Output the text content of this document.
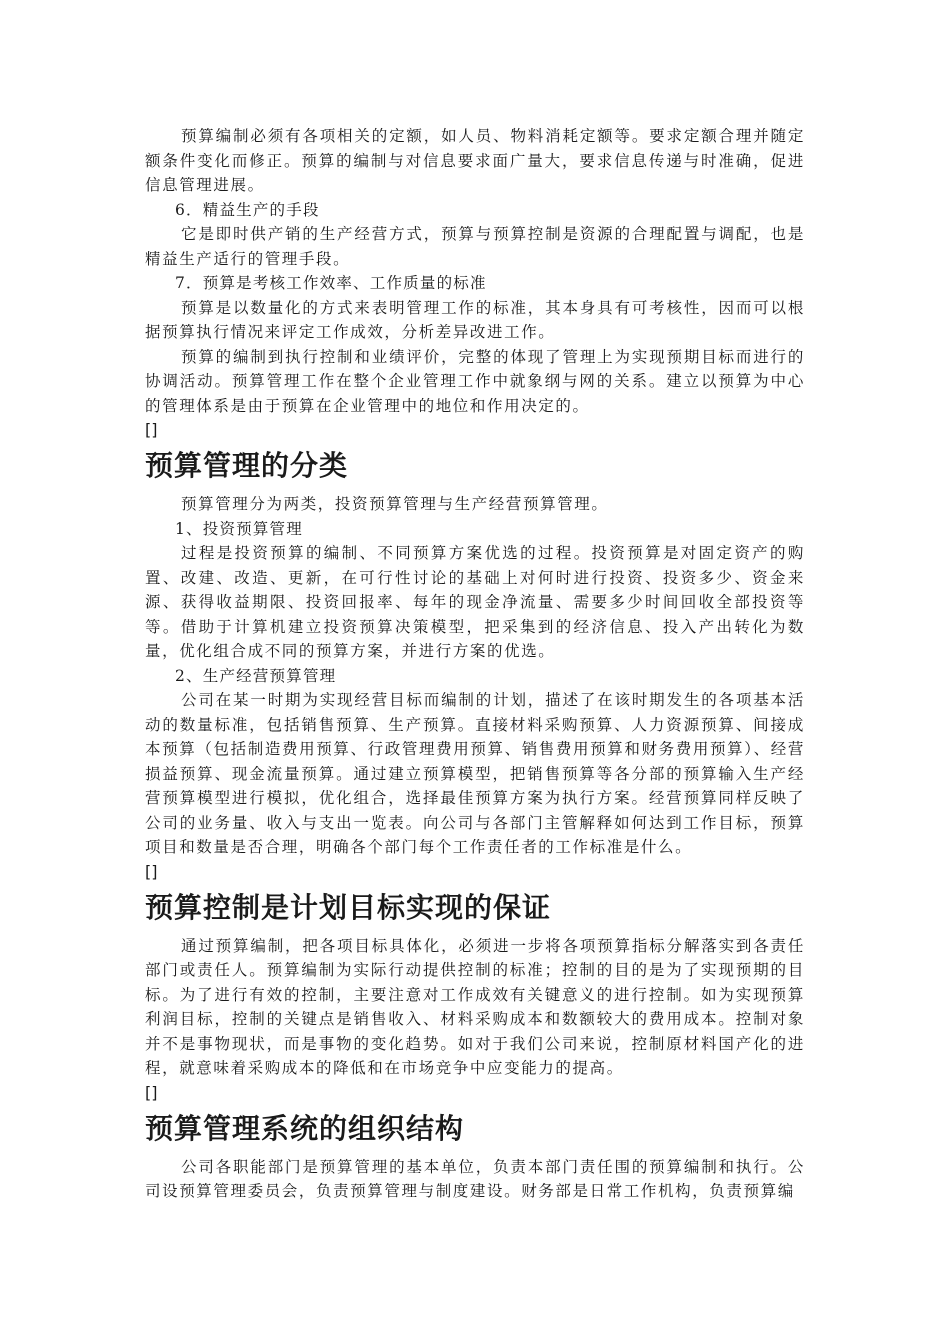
预算编制必须有各项相关的定额，如人员、物料消耗定额等。要求定额合理并随定额条件变化而修正。预算的编制与对信息要求面广量大，要求信息传递与时准确，促进信息管理进展。

6．精益生产的手段

它是即时供产销的生产经营方式，预算与预算控制是资源的合理配置与调配，也是精益生产适行的管理手段。

7．预算是考核工作效率、工作质量的标准

预算是以数量化的方式来表明管理工作的标准，其本身具有可考核性，因而可以根据预算执行情况来评定工作成效，分析差异改进工作。

预算的编制到执行控制和业绩评价，完整的体现了管理上为实现预期目标而进行的协调活动。预算管理工作在整个企业管理工作中就象纲与网的关系。建立以预算为中心的管理体系是由于预算在企业管理中的地位和作用决定的。

[]

预算管理的分类

预算管理分为两类，投资预算管理与生产经营预算管理。

1、投资预算管理

过程是投资预算的编制、不同预算方案优选的过程。投资预算是对固定资产的购置、改建、改造、更新，在可行性讨论的基础上对何时进行投资、投资多少、资金来源、获得收益期限、投资回报率、每年的现金净流量、需要多少时间回收全部投资等等。借助于计算机建立投资预算决策模型，把采集到的经济信息、投入产出转化为数量，优化组合成不同的预算方案，并进行方案的优选。

2、生产经营预算管理

公司在某一时期为实现经营目标而编制的计划，描述了在该时期发生的各项基本活动的数量标准，包括销售预算、生产预算。直接材料采购预算、人力资源预算、间接成本预算（包括制造费用预算、行政管理费用预算、销售费用预算和财务费用预算）、经营损益预算、现金流量预算。通过建立预算模型，把销售预算等各分部的预算输入生产经营预算模型进行模拟，优化组合，选择最佳预算方案为执行方案。经营预算同样反映了公司的业务量、收入与支出一览表。向公司与各部门主管解释如何达到工作目标，预算项目和数量是否合理，明确各个部门每个工作责任者的工作标准是什么。

[]

预算控制是计划目标实现的保证

通过预算编制，把各项目标具体化，必须进一步将各项预算指标分解落实到各责任部门或责任人。预算编制为实际行动提供控制的标准；控制的目的是为了实现预期的目标。为了进行有效的控制，主要注意对工作成效有关键意义的进行控制。如为实现预算利润目标，控制的关键点是销售收入、材料采购成本和数额较大的费用成本。控制对象并不是事物现状，而是事物的变化趋势。如对于我们公司来说，控制原材料国产化的进程，就意味着采购成本的降低和在市场竞争中应变能力的提高。

[]

预算管理系统的组织结构

公司各职能部门是预算管理的基本单位，负责本部门责任围的预算编制和执行。公司设预算管理委员会，负责预算管理与制度建设。财务部是日常工作机构，负责预算编
